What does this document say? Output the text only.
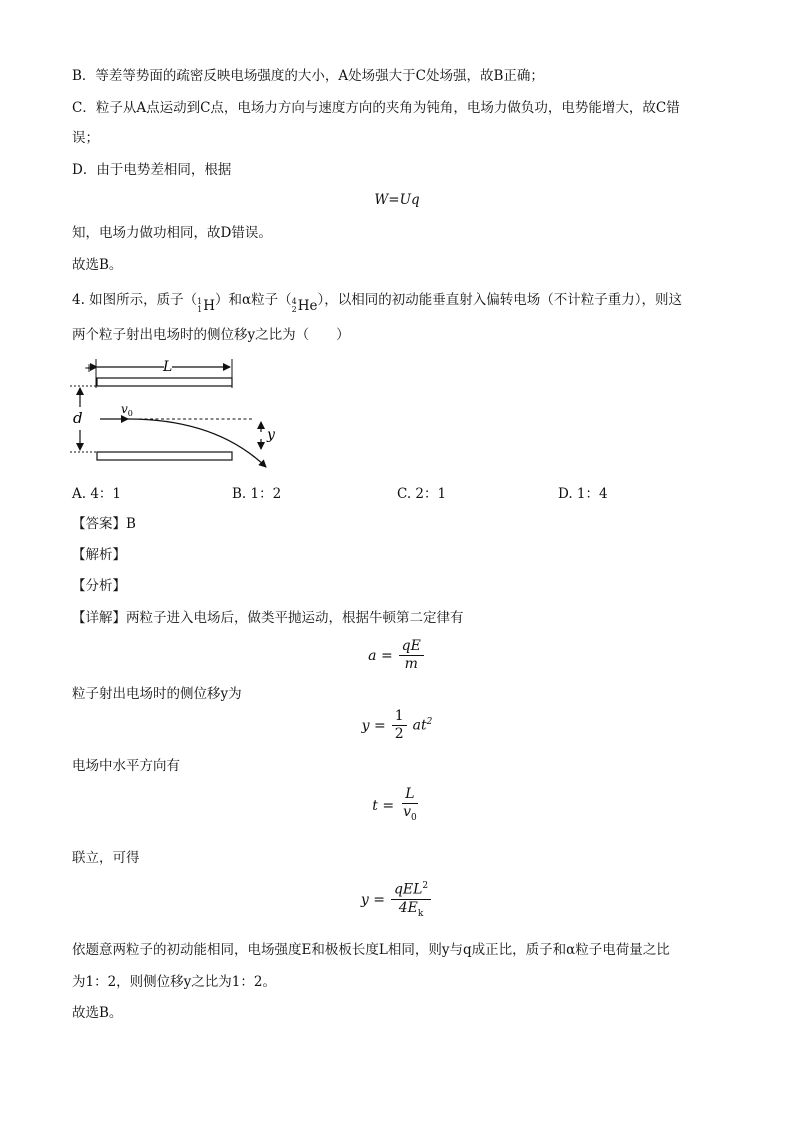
B．等差等势面的疏密反映电场强度的大小，A处场强大于C处场强，故B正确；
C．粒子从A点运动到C点，电场力方向与速度方向的夹角为钝角，电场力做负功，电势能增大，故C错
误；
D．由于电势差相同，根据
W=Uq
知，电场力做功相同，故D错误。
故选B。
4. 如图所示，质子（ 1
1 H ）和α粒子（ 4
2 He ），以相同的初动能垂直射入偏转电场（不计粒子重力），则这
两个粒子射出电场时的侧位移y之比为（　　）
+	L
d	$v_0$
y
A. 4：1	B. 1：2	C. 2：1	D. 1：4
【答案】B
【解析】
【分析】
【详解】两粒子进入电场后，做类平抛运动，根据牛顿第二定律有
$a = \frac{qE}{m}$
粒子射出电场时的侧位移y为
$y = \frac{1}{2} at^2$
电场中水平方向有
$t = \frac{L}{v_0}$
联立，可得
$y = \frac{qEL^2}{4E_k}$
依题意两粒子的初动能相同，电场强度E和极板长度L相同，则y与q成正比，质子和α粒子电荷量之比
为1：2，则侧位移y之比为1：2。
故选B。
